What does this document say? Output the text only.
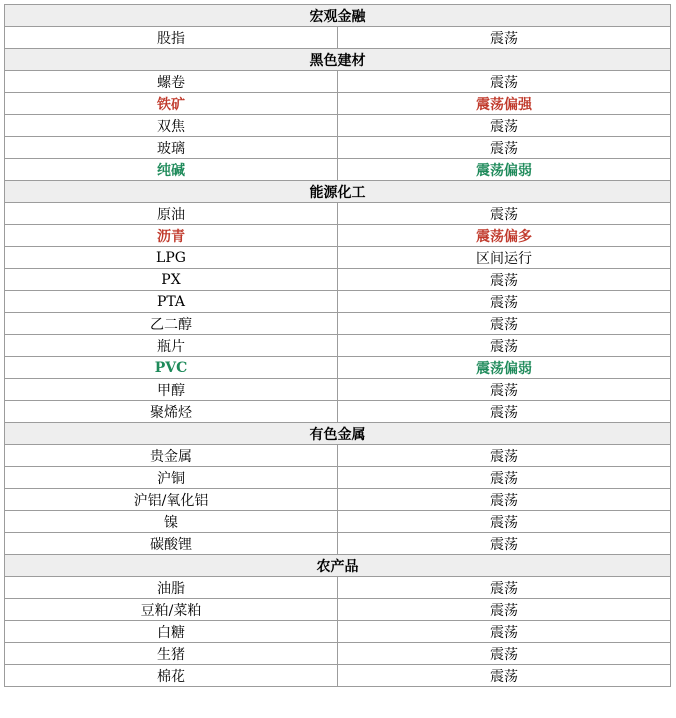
宏观金融	
股指	震荡
黑色建材	
螺卷	震荡
铁矿	震荡偏强
双焦	震荡
玻璃	震荡
纯碱	震荡偏弱
能源化工	
原油	震荡
沥青	震荡偏多
LPG	区间运行
PX	震荡
PTA	震荡
乙二醇	震荡
瓶片	震荡
PVC	震荡偏弱
甲醇	震荡
聚烯烃	震荡
有色金属	
贵金属	震荡
沪铜	震荡
沪铝/氧化铝	震荡
镍	震荡
碳酸锂	震荡
农产品	
油脂	震荡
豆粕/菜粕	震荡
白糖	震荡
生猪	震荡
棉花	震荡
